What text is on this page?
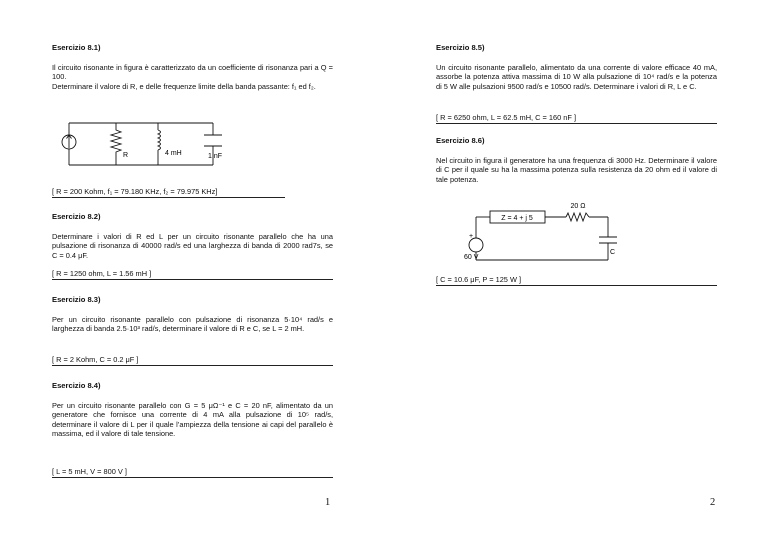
Esercizio 8.1)
Il circuito risonante in figura è caratterizzato da un coefficiente di risonanza pari a Q = 100.
Determinare il valore di R, e delle frequenze limite della banda passante: f₁ ed f₂.
R	4 mH	1 nF
[ R = 200 Kohm, f₁ = 79.180 KHz, f₂ = 79.975 KHz]
Esercizio 8.2)
Determinare i valori di R ed L per un circuito risonante parallelo che ha una pulsazione di risonanza di 40000 rad/s ed una larghezza di banda di 2000 rad7s, se C = 0.4 μF.
[ R = 1250 ohm, L = 1.56 mH ]
Esercizio 8.3)
Per un circuito risonante parallelo con pulsazione di risonanza 5·10⁴ rad/s e larghezza di banda 2.5·10³ rad/s, determinare il valore di R e C, se L = 2 mH.
[ R = 2 Kohm, C = 0.2 μF ]
Esercizio 8.4)
Per un circuito risonante parallelo con G = 5 μΩ⁻¹ e C = 20 nF, alimentato da un generatore che fornisce una corrente di 4 mA alla pulsazione di 10⁵ rad/s, determinare il valore di L per il quale l’ampiezza della tensione ai capi del parallelo è massima, ed il valore di tale tensione.
[ L = 5 mH, V = 800 V ]
1
Esercizio 8.5)
Un circuito risonante parallelo, alimentato da una corrente di valore efficace 40 mA, assorbe la potenza attiva massima di 10 W alla pulsazione di 10⁴ rad/s e la potenza di 5 W alle pulsazioni 9500 rad/s e 10500 rad/s. Determinare i valori di R, L e C.
[ R = 6250 ohm, L = 62.5 mH, C = 160 nF ]
Esercizio 8.6)
Nel circuito in figura il generatore ha una frequenza di 3000 Hz. Determinare il valore di C per il quale su ha la massima potenza sulla resistenza da 20 ohm ed il valore di tale potenza.
+
Z = 4 + j 5
20 Ω
60 V
C
[ C = 10.6 μF, P = 125 W ]
2
